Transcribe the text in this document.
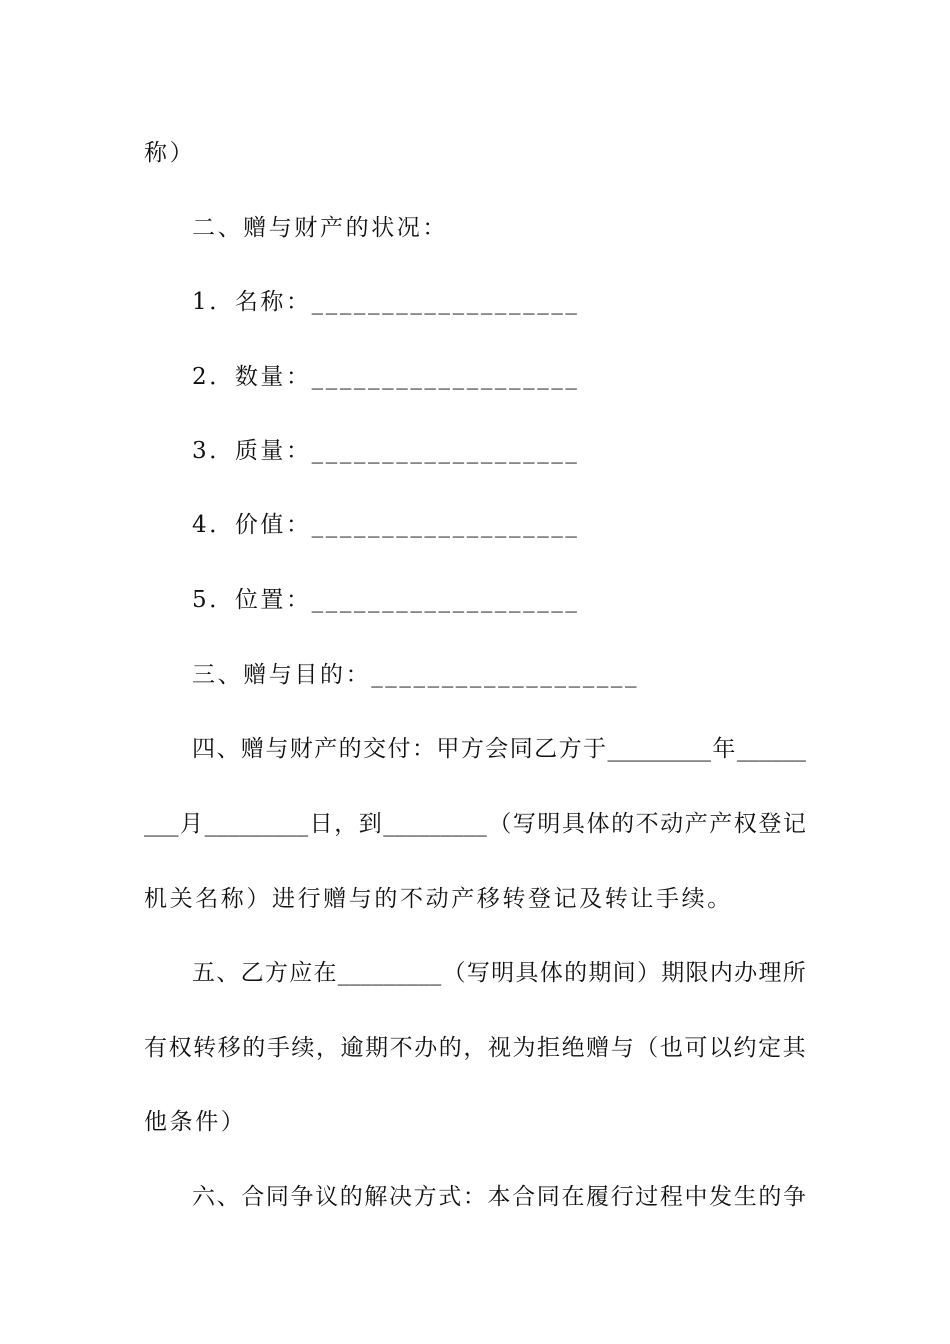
称）
二、赠与财产的状况：
1．名称：___________________
2．数量：___________________
3．质量：___________________
4．价值：___________________
5．位置：___________________
三、赠与目的：___________________
四 、 赠 与 财 产 的 交 付 ： 甲 方 会 同 乙 方 于 _________ 年 ______
___ 月 _________ 日 ， 到 _________ （ 写 明 具 体 的 不 动 产 产 权 登 记
机关名称）进行赠与的不动产移转登记及转让手续。
五 、 乙 方 应 在 _________ （ 写 明 具 体 的 期 间 ） 期 限 内 办 理 所
有 权 转 移 的 手 续 ， 逾 期 不 办 的 ， 视 为 拒 绝 赠 与 （ 也 可 以 约 定 其
他条件）
六 、 合 同 争 议 的 解 决 方 式 ： 本 合 同 在 履 行 过 程 中 发 生 的 争
